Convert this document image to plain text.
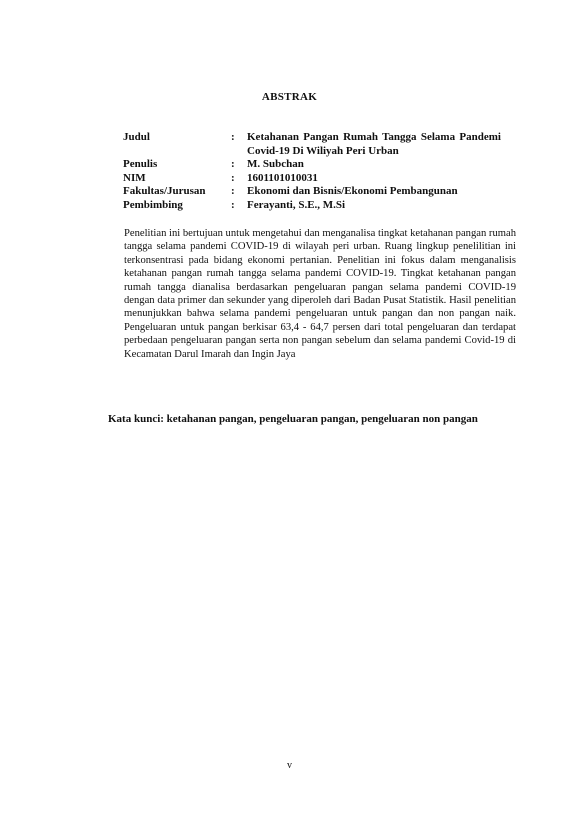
ABSTRAK
Judul	:	Ketahanan Pangan Rumah Tangga Selama Pandemi Covid-19 Di Wiliyah Peri Urban
Penulis	:	M. Subchan
NIM	:	1601101010031
Fakultas/Jurusan	:	Ekonomi dan Bisnis/Ekonomi Pembangunan
Pembimbing	:	Ferayanti, S.E., M.Si
Penelitian ini bertujuan untuk mengetahui dan menganalisa tingkat ketahanan pangan rumah tangga selama pandemi COVID-19 di wilayah peri urban. Ruang lingkup penelilitian ini terkonsentrasi pada bidang ekonomi pertanian. Penelitian ini fokus dalam menganalisis ketahanan pangan rumah tangga selama pandemi COVID-19. Tingkat ketahanan pangan rumah tangga dianalisa berdasarkan pengeluaran pangan selama pandemi COVID-19 dengan data primer dan sekunder yang diperoleh dari Badan Pusat Statistik. Hasil penelitian menunjukkan bahwa selama pandemi pengeluaran untuk pangan dan non pangan naik. Pengeluaran untuk pangan berkisar 63,4 - 64,7 persen dari total pengeluaran dan terdapat perbedaan pengeluaran pangan serta non pangan sebelum dan selama pandemi Covid-19 di Kecamatan Darul Imarah dan Ingin Jaya
Kata kunci: ketahanan pangan, pengeluaran pangan, pengeluaran non pangan
v
